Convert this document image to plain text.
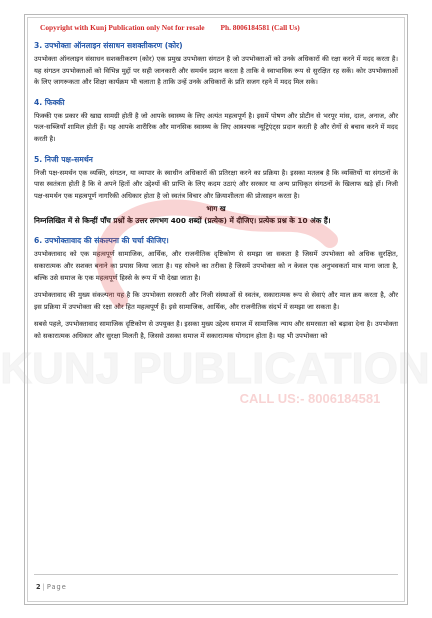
Copyright with Kunj Publication only Not for resale Ph. 8006184581 (Call Us)
3. उपभोक्ता ऑनलाइन संसाधन सशक्तीकरण (कोर)

उपभोक्ता ऑनलाइन संसाधन सशक्तीकरण (कोर) एक प्रमुख उपभोक्ता संगठन है जो उपभोक्ताओं को उनके अधिकारों की रक्षा करने में मदद करता है। यह संगठन उपभोक्ताओं को विभिन्न मुद्दों पर सही जानकारी और समर्थन प्रदान करता है ताकि वे स्वाभाविक रूप से सुरक्षित रह सकें। कोर उपभोक्ताओं के लिए जागरूकता और शिक्षा कार्यक्रम भी चलाता है ताकि उन्हें उनके अधिकारों के प्रति सजग रहने में मदद मिल सके।

4. फिक्की

फिक्की एक प्रकार की खाद्य सामग्री होती है जो आपके स्वास्थ्य के लिए अत्यंत महत्वपूर्ण है। इसमें पोषण और प्रोटीन से भरपूर मांस, दाल, अनाज, और फल-सब्जियाँ शामिल होती हैं। यह आपके शारीरिक और मानसिक स्वास्थ्य के लिए आवश्यक न्यूट्रिएंट्स प्रदान करती है और रोगों से बचाव करने में मदद करती है।

5. निजी पक्ष-समर्थन

निजी पक्ष-समर्थन एक व्यक्ति, संगठन, या व्यापार के स्वाधीन अधिकारों की प्रतिरक्षा करने का प्रक्रिया है। इसका मतलब है कि व्यक्तियों या संगठनों के पास स्वतंत्रता होती है कि वे अपने हितों और उद्देश्यों की प्राप्ति के लिए कदम उठाएं और सरकार या अन्य प्राधिकृत संगठनों के खिलाफ खड़े हों। निजी पक्ष-समर्थन एक महत्वपूर्ण नागरिकी अधिकार होता है जो स्वतंत्र विचार और क्रियाशीलता की प्रोत्साहन करता है।

भाग ख

निम्नलिखित में से किन्हीं पाँच प्रश्नों के उत्तर लगभग 400 शब्दों (प्रत्येक) में दीजिए। प्रत्येक प्रश्न के 10 अंक हैं।

6. उपभोक्तावाद की संकल्पना की चर्चा कीजिए।

उपभोक्तावाद को एक महत्वपूर्ण सामाजिक, आर्थिक, और राजनीतिक दृष्टिकोण से समझा जा सकता है जिसमें उपभोक्ता को अधिक सुरक्षित, सकारात्मक और सशक्त बनाने का प्रयास किया जाता है। यह सोचने का तरीका है जिसमें उपभोक्ता को न केवल एक अनुभवकर्ता मात्र माना जाता है, बल्कि उसे समाज के एक महत्वपूर्ण हिस्से के रूप में भी देखा जाता है।

उपभोक्तावाद की मुख्य संकल्पना यह है कि उपभोक्ता सरकारी और निजी संस्थाओं से स्वतंत्र, सकारात्मक रूप से सेवाएं और माल क्रय करता है, और इस प्रक्रिया में उपभोक्ता की रक्षा और हित महत्वपूर्ण हैं। इसे सामाजिक, आर्थिक, और राजनीतिक संदर्भ में समझा जा सकता है।

सबसे पहले, उपभोक्तावाद सामाजिक दृष्टिकोण से उपयुक्त है। इसका मुख्य उद्देश्य समाज में सामाजिक न्याय और समरसता को बढ़ावा देना है। उपभोक्ता को सकारात्मक अधिकार और सुरक्षा मिलती है, जिससे उसका समाज में सकारात्मक योगदान होता है। यह भी उपभोक्ता को

KUNJ PUBLICATION
CALL US:- 8006184581
2 | Page
